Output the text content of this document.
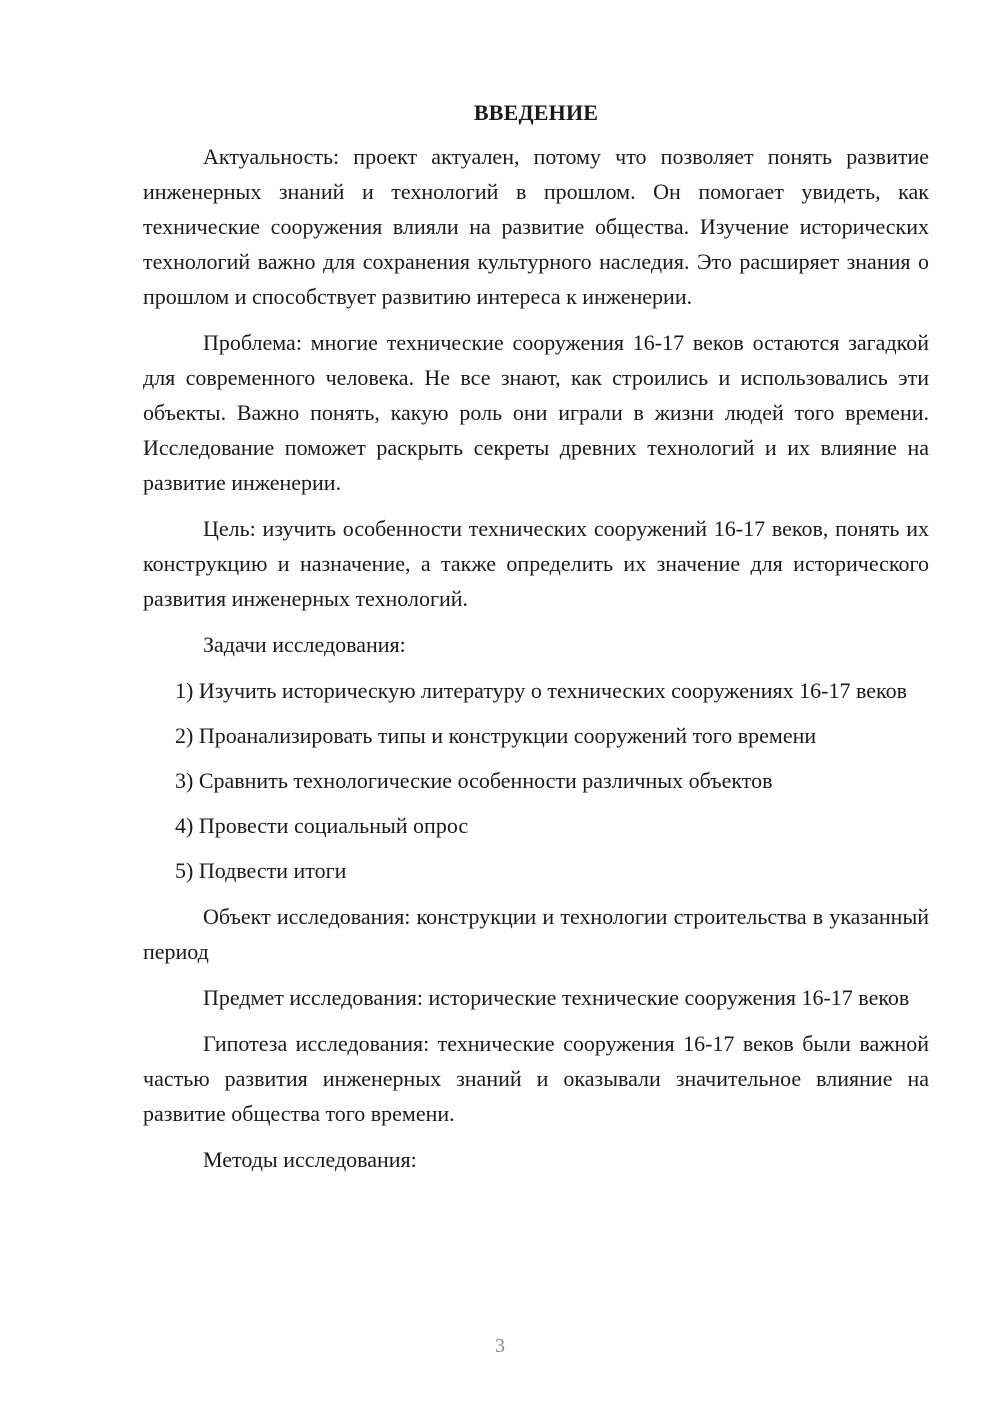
ВВЕДЕНИЕ
Актуальность: проект актуален, потому что позволяет понять развитие инженерных знаний и технологий в прошлом. Он помогает увидеть, как технические сооружения влияли на развитие общества. Изучение исторических технологий важно для сохранения культурного наследия. Это расширяет знания о прошлом и способствует развитию интереса к инженерии.
Проблема: многие технические сооружения 16-17 веков остаются загадкой для современного человека. Не все знают, как строились и использовались эти объекты. Важно понять, какую роль они играли в жизни людей того времени. Исследование поможет раскрыть секреты древних технологий и их влияние на развитие инженерии.
Цель: изучить особенности технических сооружений 16-17 веков, понять их конструкцию и назначение, а также определить их значение для исторического развития инженерных технологий.
Задачи исследования:
1) Изучить историческую литературу о технических сооружениях 16-17 веков
2) Проанализировать типы и конструкции сооружений того времени
3) Сравнить технологические особенности различных объектов
4) Провести социальный опрос
5) Подвести итоги
Объект исследования: конструкции и технологии строительства в указанный период
Предмет исследования: исторические технические сооружения 16-17 веков
Гипотеза исследования: технические сооружения 16-17 веков были важной частью развития инженерных знаний и оказывали значительное влияние на развитие общества того времени.
Методы исследования:
3
